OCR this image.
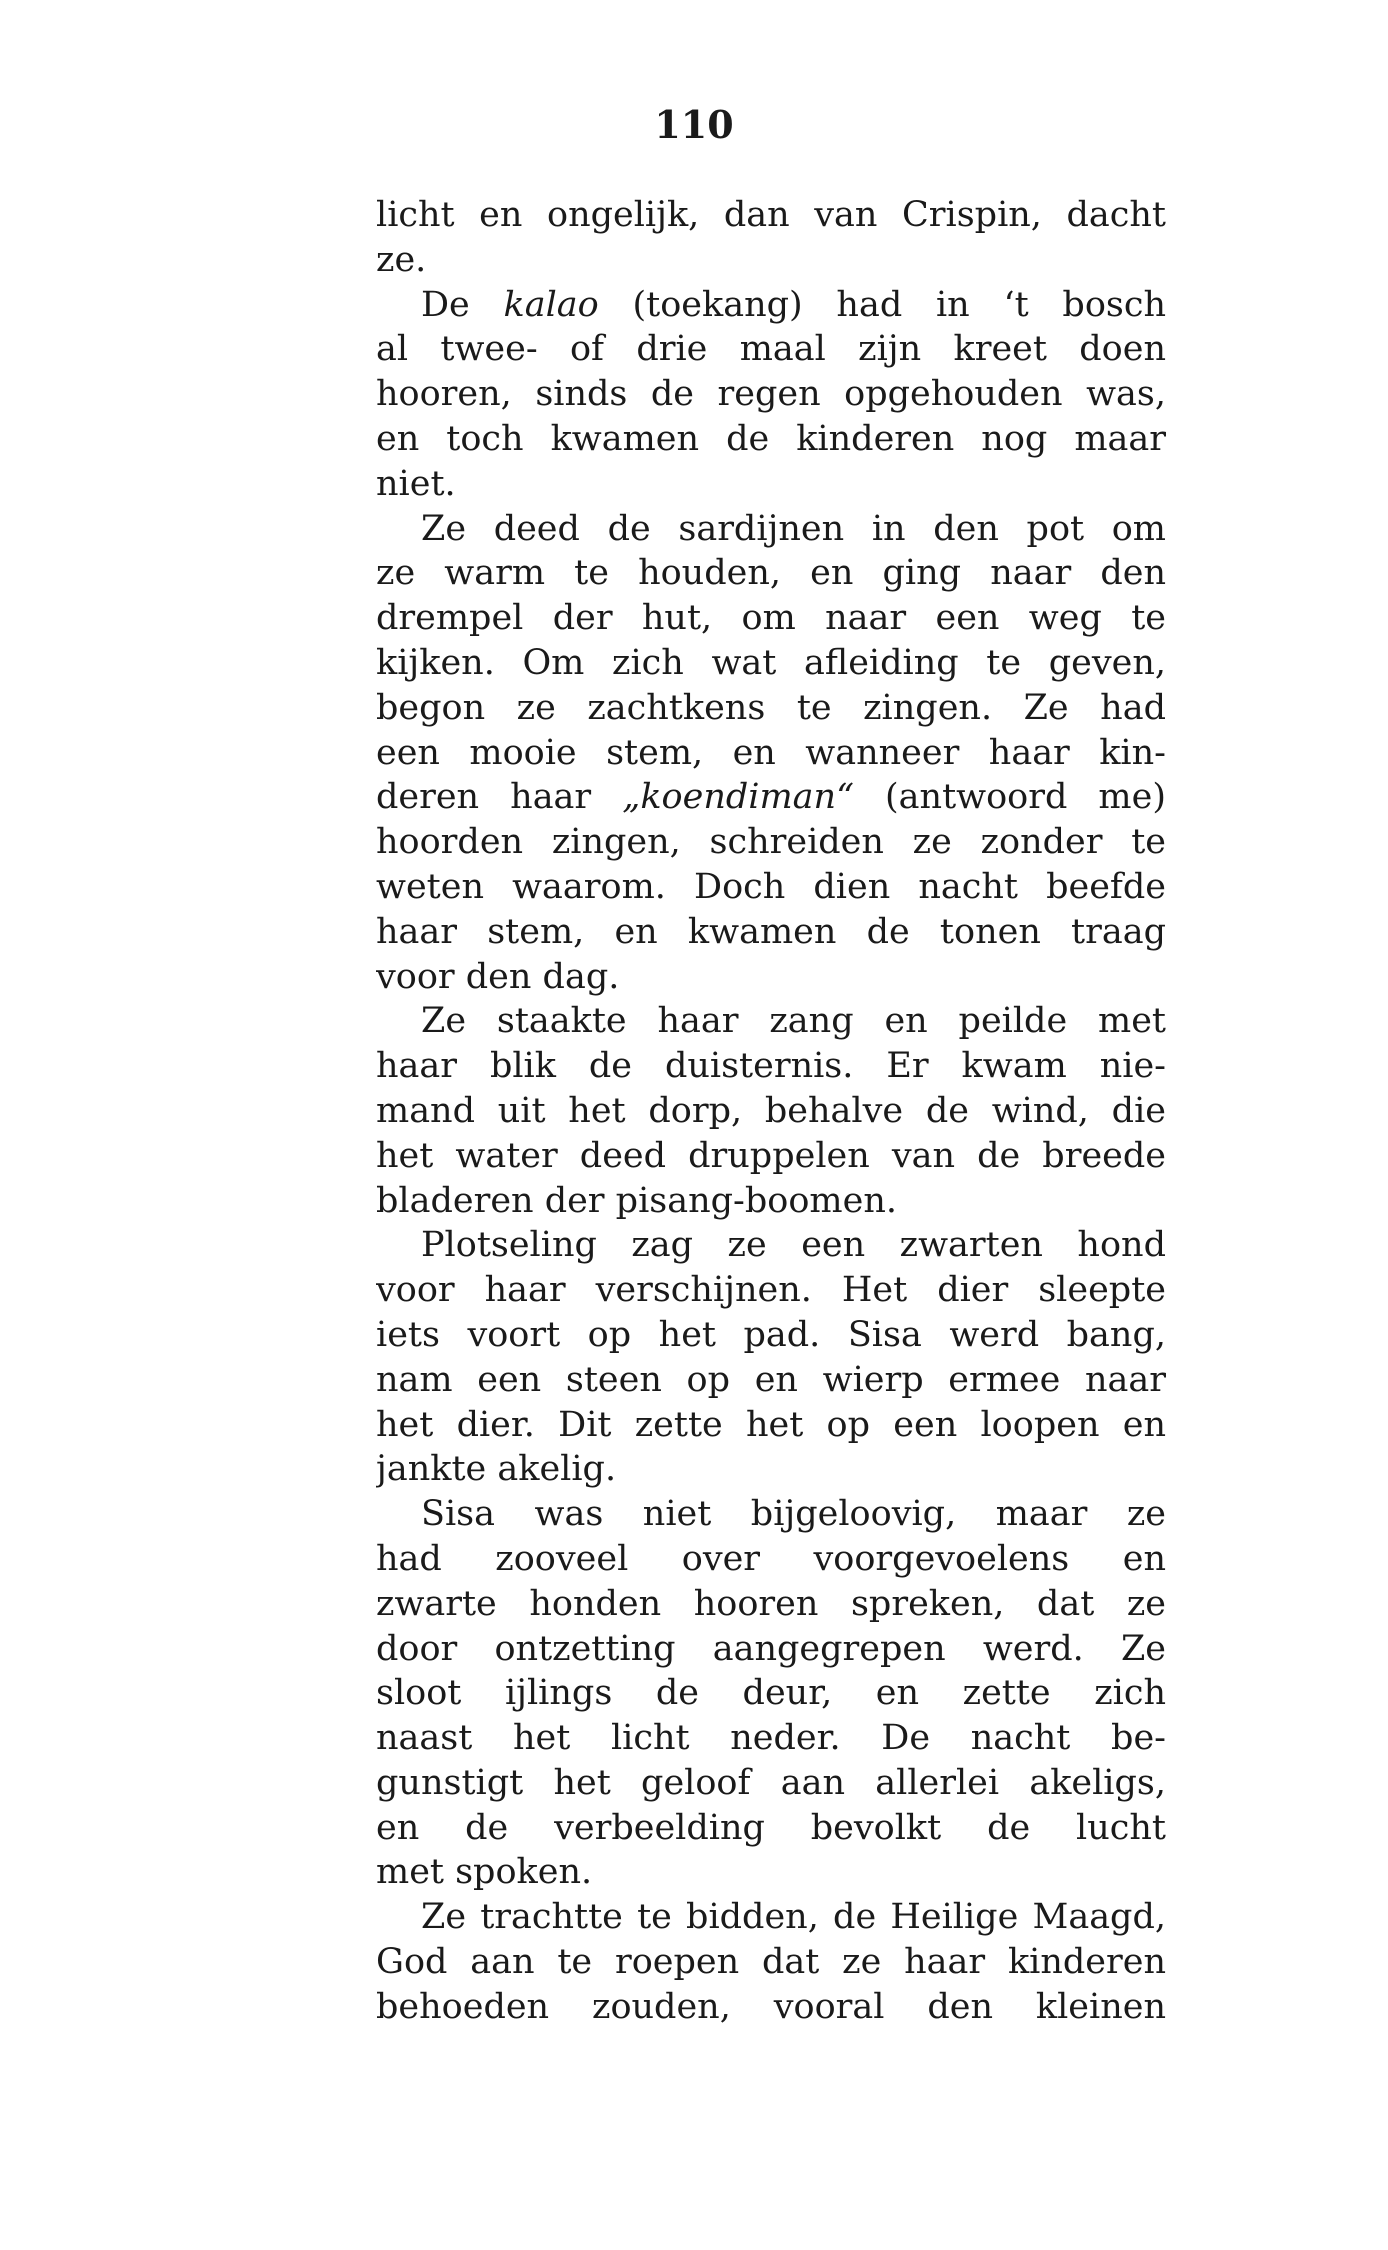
110
licht en ongelijk, dan van Crispin, dacht
ze.
De kalao (toekang) had in ‘t bosch
al twee- of drie maal zijn kreet doen
hooren, sinds de regen opgehouden was,
en toch kwamen de kinderen nog maar
niet.
Ze deed de sardijnen in den pot om
ze warm te houden, en ging naar den
drempel der hut, om naar een weg te
kijken. Om zich wat afleiding te geven,
begon ze zachtkens te zingen. Ze had
een mooie stem, en wanneer haar kin-
deren haar „koendiman“ (antwoord me)
hoorden zingen, schreiden ze zonder te
weten waarom. Doch dien nacht beefde
haar stem, en kwamen de tonen traag
voor den dag.
Ze staakte haar zang en peilde met
haar blik de duisternis. Er kwam nie-
mand uit het dorp, behalve de wind, die
het water deed druppelen van de breede
bladeren der pisang-boomen.
Plotseling zag ze een zwarten hond
voor haar verschijnen. Het dier sleepte
iets voort op het pad. Sisa werd bang,
nam een steen op en wierp ermee naar
het dier. Dit zette het op een loopen en
jankte akelig.
Sisa was niet bijgeloovig, maar ze
had zooveel over voorgevoelens en
zwarte honden hooren spreken, dat ze
door ontzetting aangegrepen werd. Ze
sloot ijlings de deur, en zette zich
naast het licht neder. De nacht be-
gunstigt het geloof aan allerlei akeligs,
en de verbeelding bevolkt de lucht
met spoken.
Ze trachtte te bidden, de Heilige Maagd,
God aan te roepen dat ze haar kinderen
behoeden zouden, vooral den kleinen
